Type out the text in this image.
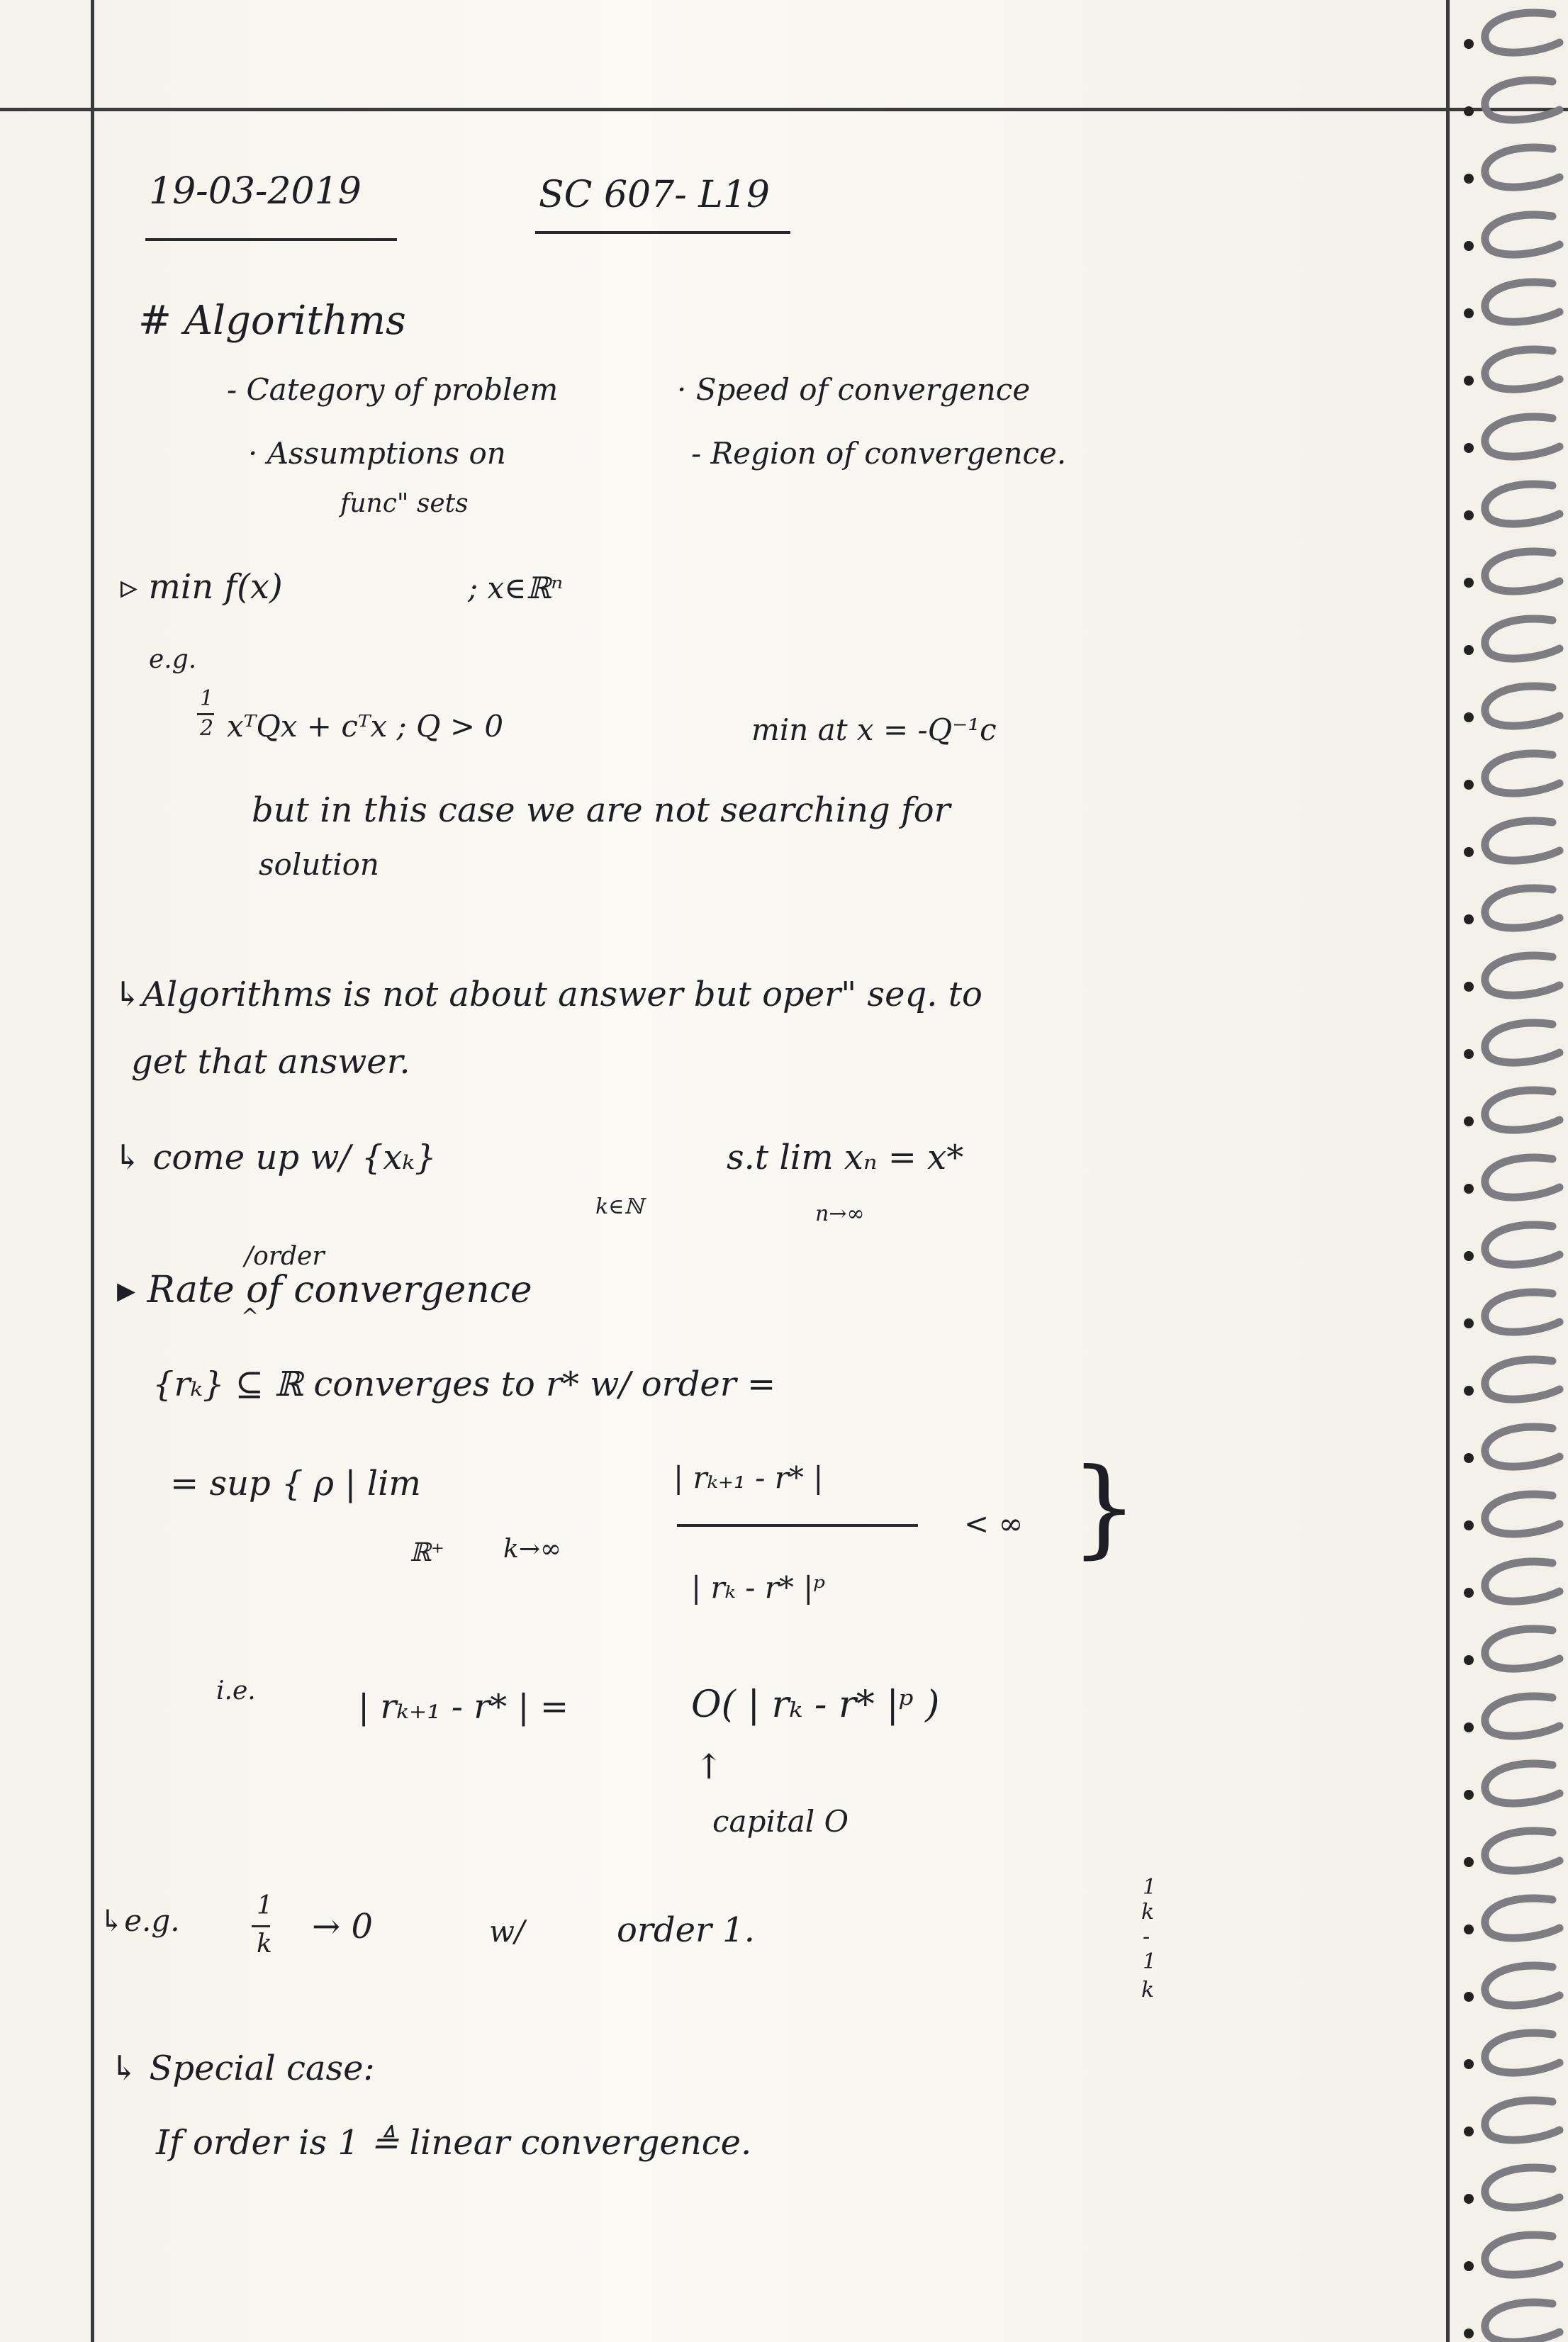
19-03-2019	SC 607- L19
# Algorithms
- Category of problem
· Assumptions on
func" sets
· Speed of convergence
- Region of convergence.
▹ min f(x)	; x∈ℝⁿ
e.g.
1
2 xᵀQx + cᵀx ; Q > 0	min at x = -Q⁻¹c
but in this case we are not searching for
solution
↳Algorithms is not about answer but oper" seq. to
get that answer.
↳ come up w/ {xₖ}
k∈ℕ
s.t lim xₙ = x*
n→∞
/order
^
▸ Rate of convergence
{rₖ} ⊆ ℝ converges to r* w/ order =
= sup { ρ | lim
ℝ⁺ k→∞
| rₖ₊₁ - r* |
| rₖ - r* |ᵖ
< ∞ }
i.e.	| rₖ₊₁ - r* | =	O( | rₖ - r* |ᵖ )
↑
capital O
↳e.g.	1
k → 0	w/	order 1.
1
k
-
1
k
↳ Special case:
If order is 1 ≜ linear convergence.
